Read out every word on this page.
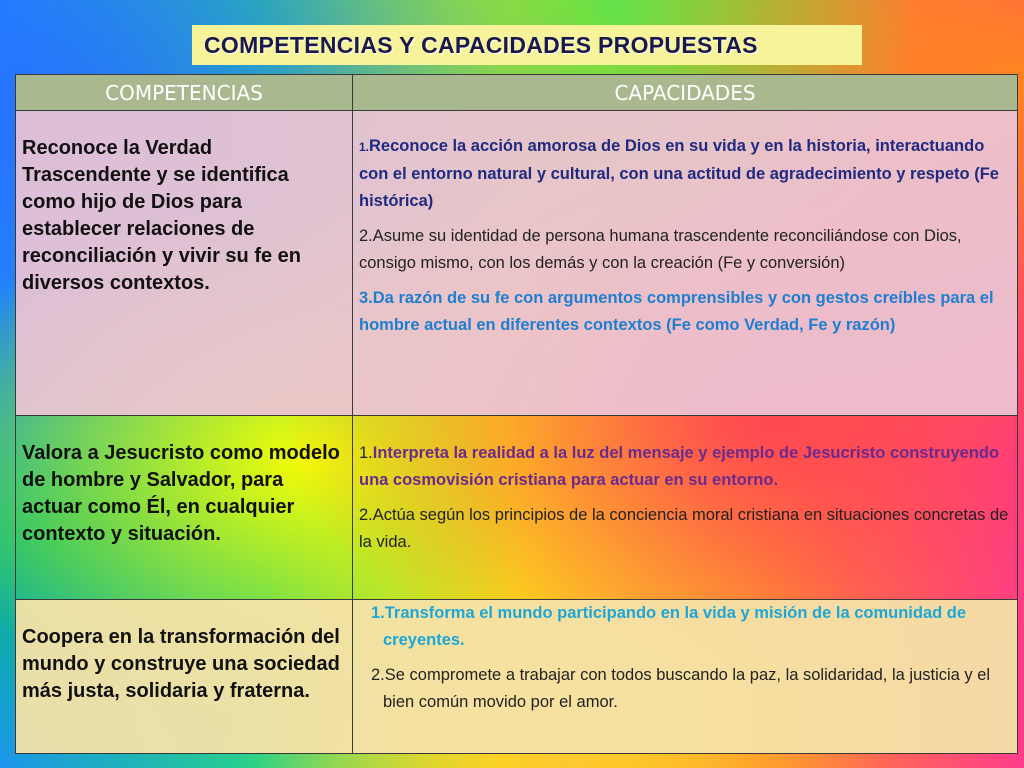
COMPETENCIAS Y CAPACIDADES PROPUESTAS
COMPETENCIAS	CAPACIDADES
Reconoce la Verdad Trascendente y se identifica como hijo de Dios para establecer relaciones de reconciliación y vivir su fe en diversos contextos.	1.Reconoce la acción amorosa de Dios en su vida y en la historia, interactuando con el entorno natural y cultural, con una actitud de agradecimiento y respeto (Fe histórica)
2.Asume su identidad de persona humana trascendente reconciliándose con Dios, consigo mismo, con los demás y con la creación (Fe y conversión)
3.Da razón de su fe con argumentos comprensibles y con gestos creíbles para el hombre actual en diferentes contextos (Fe como Verdad, Fe y razón)

Valora a Jesucristo como modelo de hombre y Salvador, para actuar como Él, en cualquier contexto y situación.	1.Interpreta la realidad a la luz del mensaje y ejemplo de Jesucristo construyendo una cosmovisión cristiana para actuar en su entorno.
2.Actúa según los principios de la conciencia moral cristiana en situaciones concretas de la vida.

Coopera en la transformación del mundo y construye una sociedad más justa, solidaria y fraterna.	1.Transforma el mundo participando en la vida y misión de la comunidad de creyentes.
2.Se compromete a trabajar con todos buscando la paz, la solidaridad, la justicia y el bien común movido por el amor.
